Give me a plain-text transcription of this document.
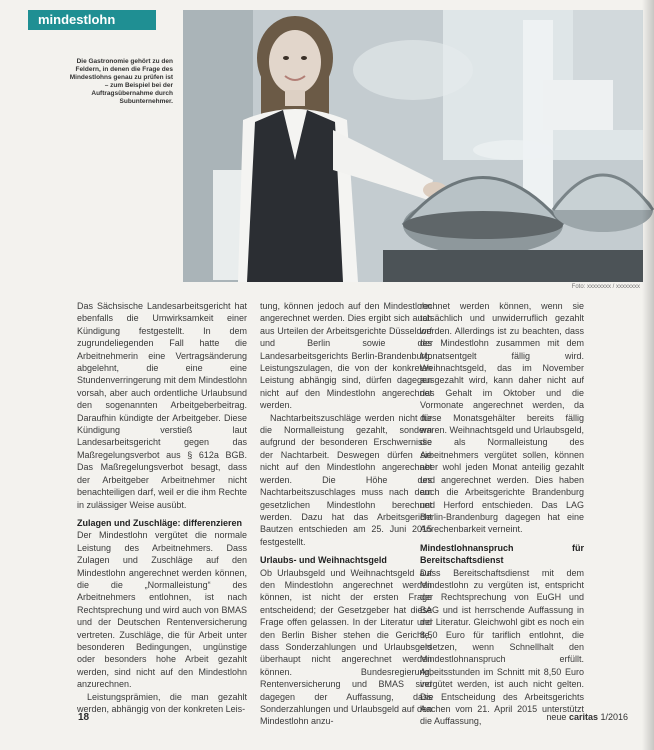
mindestlohn
Die Gastronomie gehört zu den Feldern, in denen die Frage des Mindestlohns genau zu prüfen ist – zum Beispiel bei der Auftragsübernahme durch Subunternehmer.
Foto: xxxxxxxx / xxxxxxxx

Das Sächsische Landesarbeitsgericht hat ebenfalls die Umwirksamkeit einer Kündigung festgestellt. In dem zugrundeliegenden Fall hatte die Arbeitnehmerin eine Vertragsänderung abgelehnt, die eine eine Stundenverringerung mit dem Mindestlohn vorsah, aber auch ordentliche Urlaubsund den sogenannten Arbeitgeberbeitrag. Daraufhin kündigte der Arbeitgeber. Diese Kündigung verstieß laut Landesarbeitsgericht gegen das Maßregelungsverbot aus § 612a BGB. Das Maßregelungsverbot besagt, dass der Arbeitgeber Arbeitnehmer nicht benachteiligen darf, weil er die ihm Rechte in zulässiger Weise ausübt.

Zulagen und Zuschläge: differenzieren

Der Mindestlohn vergütet die normale Leistung des Arbeitnehmers. Dass Zulagen und Zuschläge auf den Mindestlohn angerechnet werden können, die die „Normalleistung“ des Arbeitnehmers entlohnen, ist nach Rechtsprechung und wird auch von BMAS und der Deutschen Rentenversicherung vertreten. Zuschläge, die für Arbeit unter besonderen Bedingungen, ungünstige oder besonders hohe Arbeit gezahlt werden, sind nicht auf den Mindestlohn anzurechnen.

Leistungsprämien, die man gezahlt werden, abhängig von der konkreten Leis-

tung, können jedoch auf den Mindestlohn angerechnet werden. Dies ergibt sich auch aus Urteilen der Arbeitsgerichte Düsseldorf und Berlin sowie des Landesarbeitsgerichts Berlin-Brandenburg. Leistungszulagen, die von der konkreten Leistung abhängig sind, dürfen dagegen nicht auf den Mindestlohn angerechnet werden.

Nachtarbeitszuschläge werden nicht für die Normalleistung gezahlt, sondern aufgrund der besonderen Erschwernisse der Nachtarbeit. Deswegen dürfen sie nicht auf den Mindestlohn angerechnet werden. Die Höhe des Nachtarbeitszuschlages muss nach dem gesetzlichen Mindestlohn berechnet werden. Dazu hat das Arbeitsgericht Bautzen entschieden am 25. Juni 2015 festgestellt.

Urlaubs- und Weihnachtsgeld

Ob Urlaubsgeld und Weihnachtsgeld auf den Mindestlohn angerechnet werden können, ist nicht der ersten Frage entscheidend; der Gesetzgeber hat diese Frage offen gelassen. In der Literatur und den Berlin Bisher stehen die Gerichte, dass Sonderzahlungen und Urlaubsgeld überhaupt nicht angerechnet werden können. Bundesregierung, Rentenversicherung und BMAS sind dagegen der Auffassung, dass Sonderzahlungen und Urlaubsgeld auf den Mindestlohn anzu-

rechnet werden können, wenn sie tatsächlich und unwiderruflich gezahlt werden. Allerdings ist zu beachten, dass der Mindestlohn zusammen mit dem Monatsentgelt fällig wird. Weihnachtsgeld, das im November ausgezahlt wird, kann daher nicht auf das Gehalt im Oktober und die Vormonate angerechnet werden, da diese Monatsgehälter bereits fällig waren. Weihnachtsgeld und Urlaubsgeld, die als Normalleistung des Arbeitnehmers vergütet sollen, können aber wohl jeden Monat anteilig gezahlt und angerechnet werden. Dies haben auch die Arbeitsgerichte Brandenburg und Herford entschieden. Das LAG Berlin-Brandenburg dagegen hat eine Anrechenbarkeit verneint.

Mindestlohnanspruch für Bereitschaftsdienst

Dass Bereitschaftsdienst mit dem Mindestlohn zu vergüten ist, entspricht der Rechtsprechung von EuGH und BAG und ist herrschende Auffassung in der Literatur. Gleichwohl gibt es noch ein 8,50 Euro für tariflich entlohnt, die ersetzen, wenn Schnellhalt den Mindestlohnanspruch erfüllt. Arbeitsstunden im Schnitt mit 8,50 Euro vergütet werden, ist auch nicht gelten. Die Entscheidung des Arbeitsgerichts Aachen vom 21. April 2015 unterstützt die Auffassung,

18	neue caritas 1/2016
